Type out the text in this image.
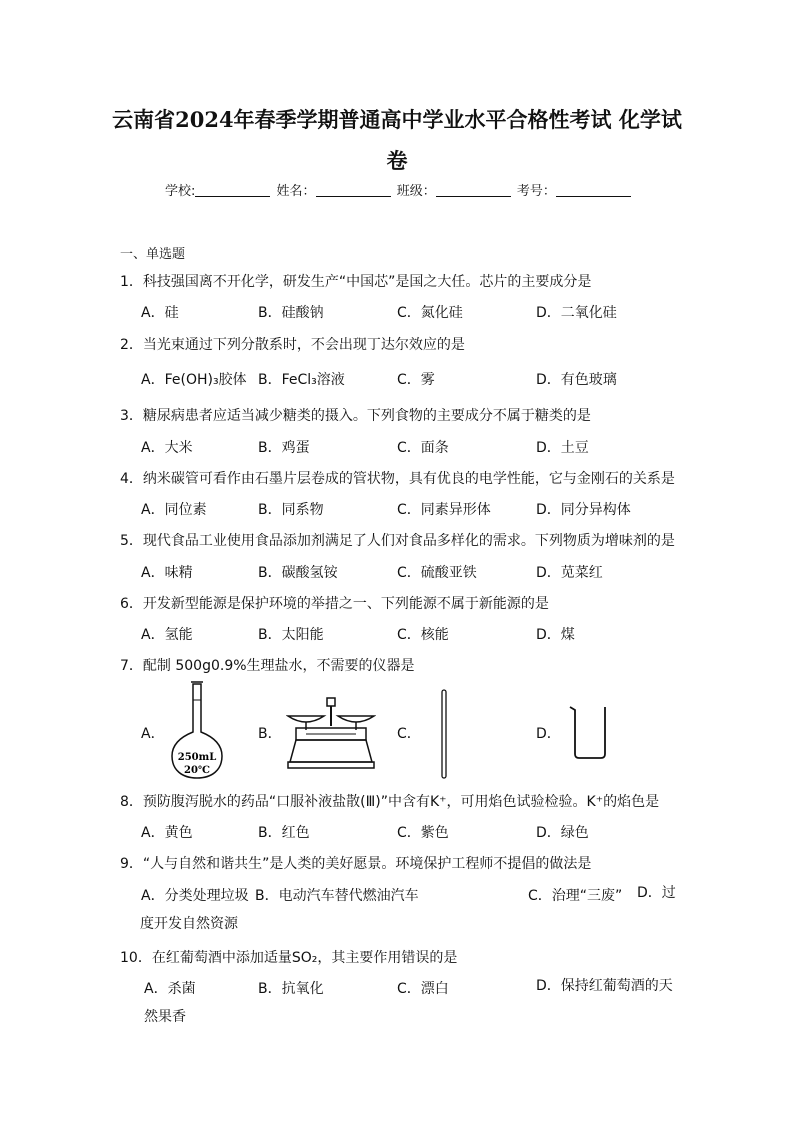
云南省2024年春季学期普通高中学业水平合格性考试 化学试
卷
学校:	姓名：	班级：	考号：
一、单选题
1．科技强国离不开化学，研发生产“中国芯”是国之大任。芯片的主要成分是
A．硅	B．硅酸钠	C．氮化硅	D．二氧化硅
2．当光束通过下列分散系时，不会出现丁达尔效应的是
A．Fe(OH)₃胶体 B．FeCl₃溶液	C．雾	D．有色玻璃
3．糖尿病患者应适当减少糖类的摄入。下列食物的主要成分不属于糖类的是
A．大米	B．鸡蛋	C．面条	D．土豆
4．纳米碳管可看作由石墨片层卷成的管状物，具有优良的电学性能，它与金刚石的关系是
A．同位素	B．同系物	C．同素异形体	D．同分异构体
5．现代食品工业使用食品添加剂满足了人们对食品多样化的需求。下列物质为增味剂的是
A．味精	B．碳酸氢铵	C．硫酸亚铁	D．苋菜红
6．开发新型能源是保护环境的举措之一、下列能源不属于新能源的是
A．氢能	B．太阳能	C．核能	D．煤
7．配制 500g0.9%生理盐水，不需要的仪器是
A．	B．	C．	D．
250mL
20℃
8．预防腹泻脱水的药品“口服补液盐散(Ⅲ)”中含有K⁺，可用焰色试验检验。K⁺的焰色是
A．黄色	B．红色	C．紫色	D．绿色
9．“人与自然和谐共生”是人类的美好愿景。环境保护工程师不提倡的做法是
A．分类处理垃圾 B．电动汽车替代燃油汽车	C．治理“三废”	D．过度开发自然资源
10．在红葡萄酒中添加适量SO₂，其主要作用错误的是
A．杀菌	B．抗氧化	C．漂白	D．保持红葡萄酒的天然果香
